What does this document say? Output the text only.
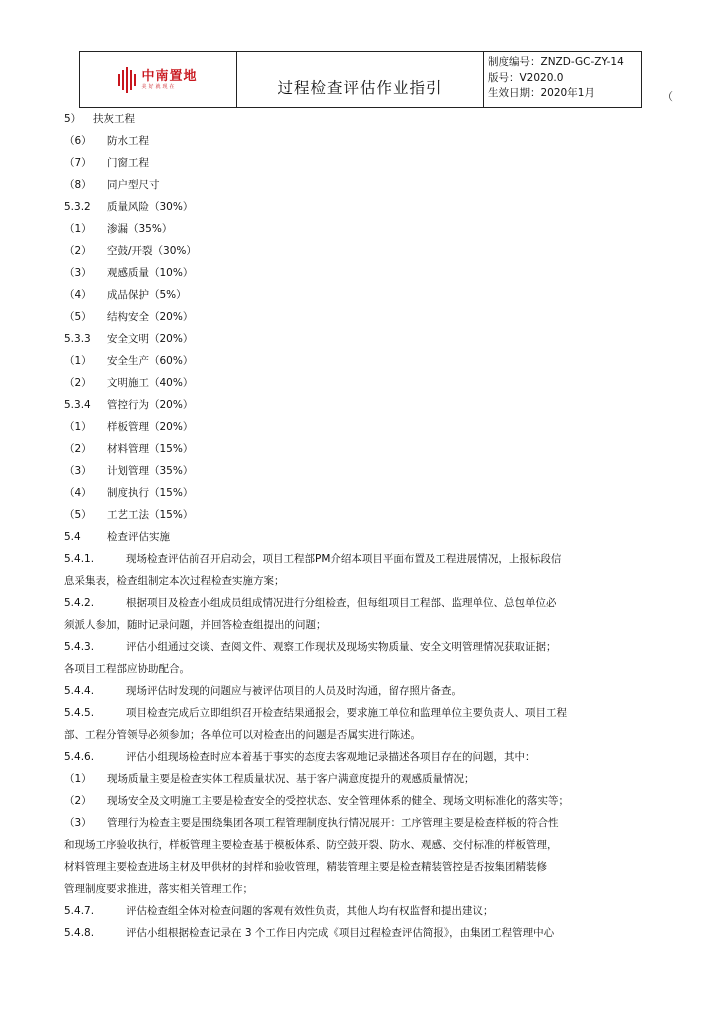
中南置地
美好就现在	过程检查评估作业指引
制度编号：ZNZD-GC-ZY-14
版号：V2020.0
生效日期：2020年1月	（
5） 扶灰工程
（6） 防水工程
（7） 门窗工程
（8） 同户型尺寸
5.3.2 质量风险（30%）
（1） 渗漏（35%）
（2） 空鼓/开裂（30%）
（3） 观感质量（10%）
（4） 成品保护（5%）
（5） 结构安全（20%）
5.3.3 安全文明（20%）
（1） 安全生产（60%）
（2） 文明施工（40%）
5.3.4 管控行为（20%）
（1） 样板管理（20%）
（2） 材料管理（15%）
（3） 计划管理（35%）
（4） 制度执行（15%）
（5） 工艺工法（15%）
5.4	检查评估实施
5.4.1.	现场检查评估前召开启动会，项目工程部PM介绍本项目平面布置及工程进展情况，上报标段信
息采集表，检查组制定本次过程检查实施方案；
5.4.2.	根据项目及检查小组成员组成情况进行分组检查，但每组项目工程部、监理单位、总包单位必
须派人参加，随时记录问题，并回答检查组提出的问题；
5.4.3.	评估小组通过交谈、查阅文件、观察工作现状及现场实物质量、安全文明管理情况获取证据；
各项目工程部应协助配合。
5.4.4.	现场评估时发现的问题应与被评估项目的人员及时沟通，留存照片备查。
5.4.5.	项目检查完成后立即组织召开检查结果通报会，要求施工单位和监理单位主要负责人、项目工程
部、工程分管领导必须参加；各单位可以对检查出的问题是否属实进行陈述。
5.4.6.	评估小组现场检查时应本着基于事实的态度去客观地记录描述各项目存在的问题，其中：
（1） 现场质量主要是检查实体工程质量状况、基于客户满意度提升的观感质量情况；
（2） 现场安全及文明施工主要是检查安全的受控状态、安全管理体系的健全、现场文明标准化的落实等；
（3） 管理行为检查主要是围绕集团各项工程管理制度执行情况展开：工序管理主要是检查样板的符合性
和现场工序验收执行，样板管理主要检查基于模板体系、防空鼓开裂、防水、观感、交付标准的样板管理，
材料管理主要检查进场主材及甲供材的封样和验收管理，精装管理主要是检查精装管控是否按集团精装修
管理制度要求推进，落实相关管理工作；
5.4.7.	评估检查组全体对检查问题的客观有效性负责，其他人均有权监督和提出建议；
5.4.8.	评估小组根据检查记录在 3 个工作日内完成《项目过程检查评估简报》，由集团工程管理中心
